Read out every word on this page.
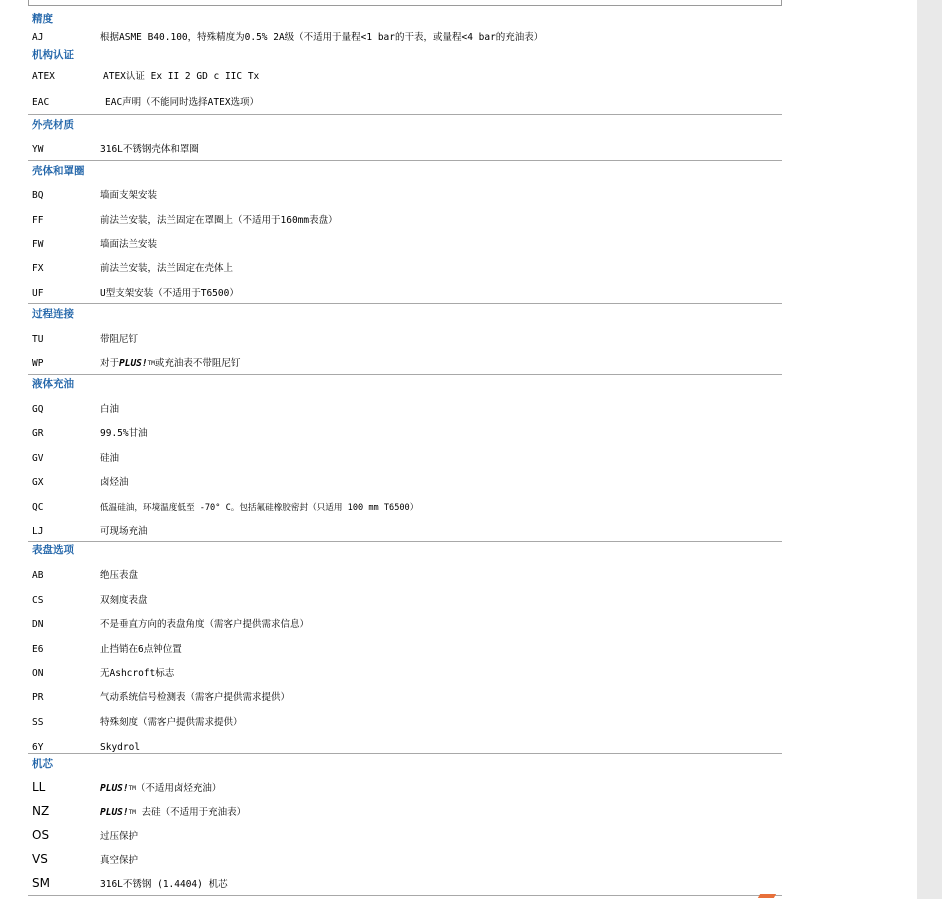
精度
AJ	根据ASME B40.100，特殊精度为0.5% 2A级（不适用于量程<1 bar的干表，或量程<4 bar的充油表）
机构认证
ATEX	ATEX认证 Ex II 2 GD c IIC Tx
EAC	EAC声明（不能同时选择ATEX选项）
外壳材质
YW	316L不锈钢壳体和罩圈
壳体和罩圈
BQ	墙面支架安装
FF	前法兰安装，法兰固定在罩圈上（不适用于160mm表盘）
FW	墙面法兰安装
FX	前法兰安装，法兰固定在壳体上
UF	U型支架安装（不适用于T6500）
过程连接
TU	带阻尼钉
WP	对于PLUS!™或充油表不带阻尼钉
液体充油
GQ	白油
GR	99.5%甘油
GV	硅油
GX	卤烃油
QC	低温硅油，环境温度低至 -70° C。包括氟硅橡胶密封（只适用 100 mm T6500）
LJ	可现场充油
表盘选项
AB	绝压表盘
CS	双刻度表盘
DN	不是垂直方向的表盘角度（需客户提供需求信息）
E6	止挡销在6点钟位置
ON	无Ashcroft标志
PR	气动系统信号检测表（需客户提供需求提供）
SS	特殊刻度（需客户提供需求提供）
6Y	Skydrol
机芯
LL	PLUS!™（不适用卤烃充油）
NZ	PLUS!™ 去硅（不适用于充油表）
OS	过压保护
VS	真空保护
SM	316L不锈钢 (1.4404) 机芯
